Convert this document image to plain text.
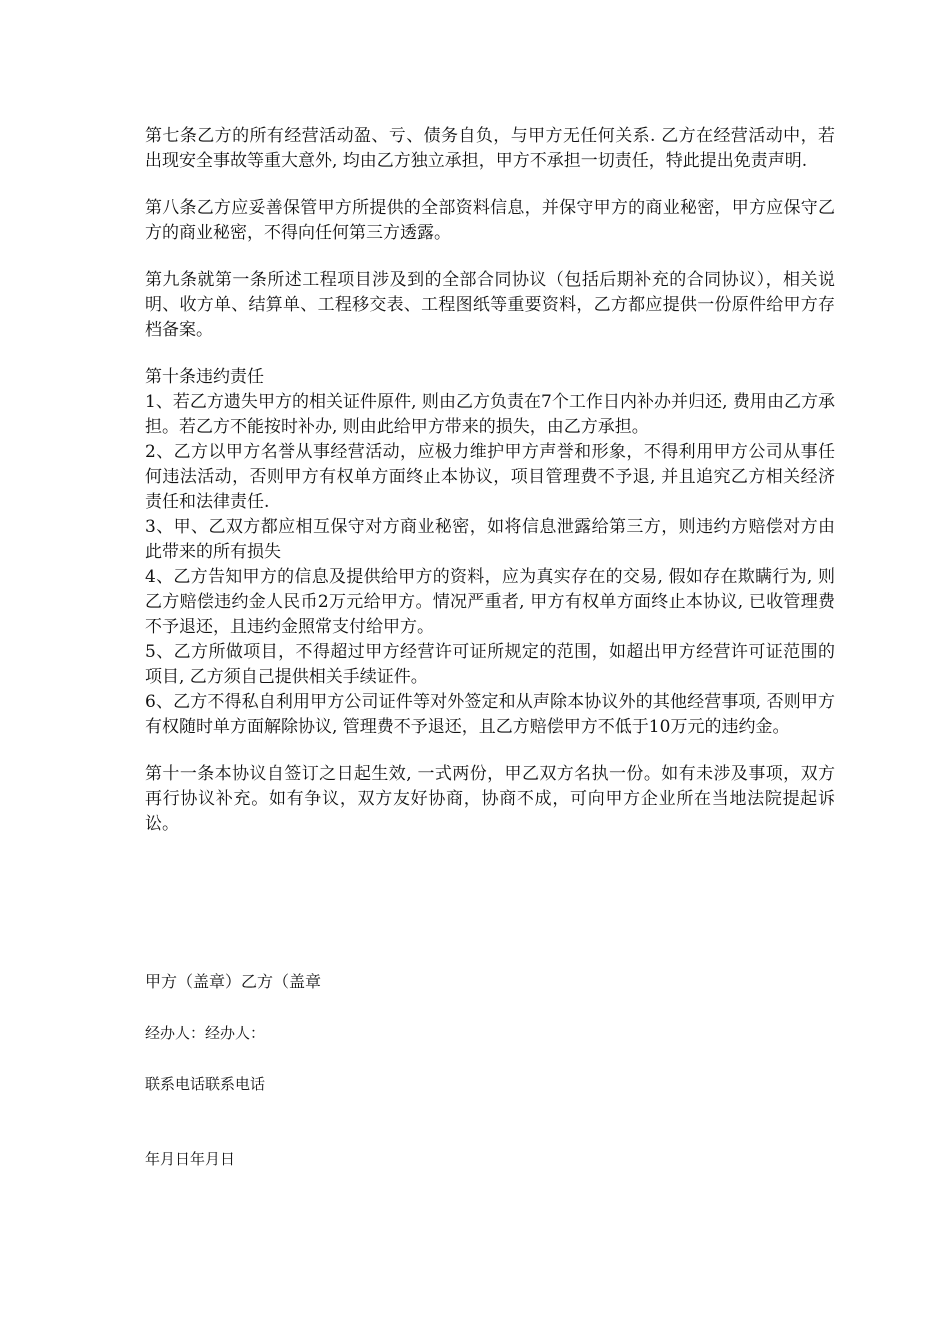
第七条乙方的所有经营活动盈、亏、债务自负，与甲方无任何关系. 乙方在经营活动中，若出现安全事故等重大意外, 均由乙方独立承担，甲方不承担一切责任，特此提出免责声明.

第八条乙方应妥善保管甲方所提供的全部资料信息，并保守甲方的商业秘密，甲方应保守乙方的商业秘密，不得向任何第三方透露。

第九条就第一条所述工程项目涉及到的全部合同协议（包括后期补充的合同协议），相关说明、收方单、结算单、工程移交表、工程图纸等重要资料，乙方都应提供一份原件给甲方存档备案。

第十条违约责任

1、若乙方遗失甲方的相关证件原件, 则由乙方负责在7个工作日内补办并归还, 费用由乙方承担。若乙方不能按时补办, 则由此给甲方带来的损失，由乙方承担。

2、乙方以甲方名誉从事经营活动，应极力维护甲方声誉和形象，不得利用甲方公司从事任何违法活动，否则甲方有权单方面终止本协议，项目管理费不予退, 并且追究乙方相关经济责任和法律责任.

3、甲、乙双方都应相互保守对方商业秘密，如将信息泄露给第三方，则违约方赔偿对方由此带来的所有损失

4、乙方告知甲方的信息及提供给甲方的资料，应为真实存在的交易, 假如存在欺瞒行为, 则乙方赔偿违约金人民币2万元给甲方。情况严重者, 甲方有权单方面终止本协议, 已收管理费不予退还，且违约金照常支付给甲方。

5、乙方所做项目，不得超过甲方经营许可证所规定的范围，如超出甲方经营许可证范围的项目, 乙方须自己提供相关手续证件。

6、乙方不得私自利用甲方公司证件等对外签定和从声除本协议外的其他经营事项, 否则甲方有权随时单方面解除协议, 管理费不予退还，且乙方赔偿甲方不低于10万元的违约金。

第十一条本协议自签订之日起生效, 一式两份，甲乙双方名执一份。如有未涉及事项，双方再行协议补充。如有争议，双方友好协商，协商不成，可向甲方企业所在当地法院提起诉讼。

甲方（盖章）乙方（盖章
经办人：经办人：
联系电话联系电话
年月日年月日
